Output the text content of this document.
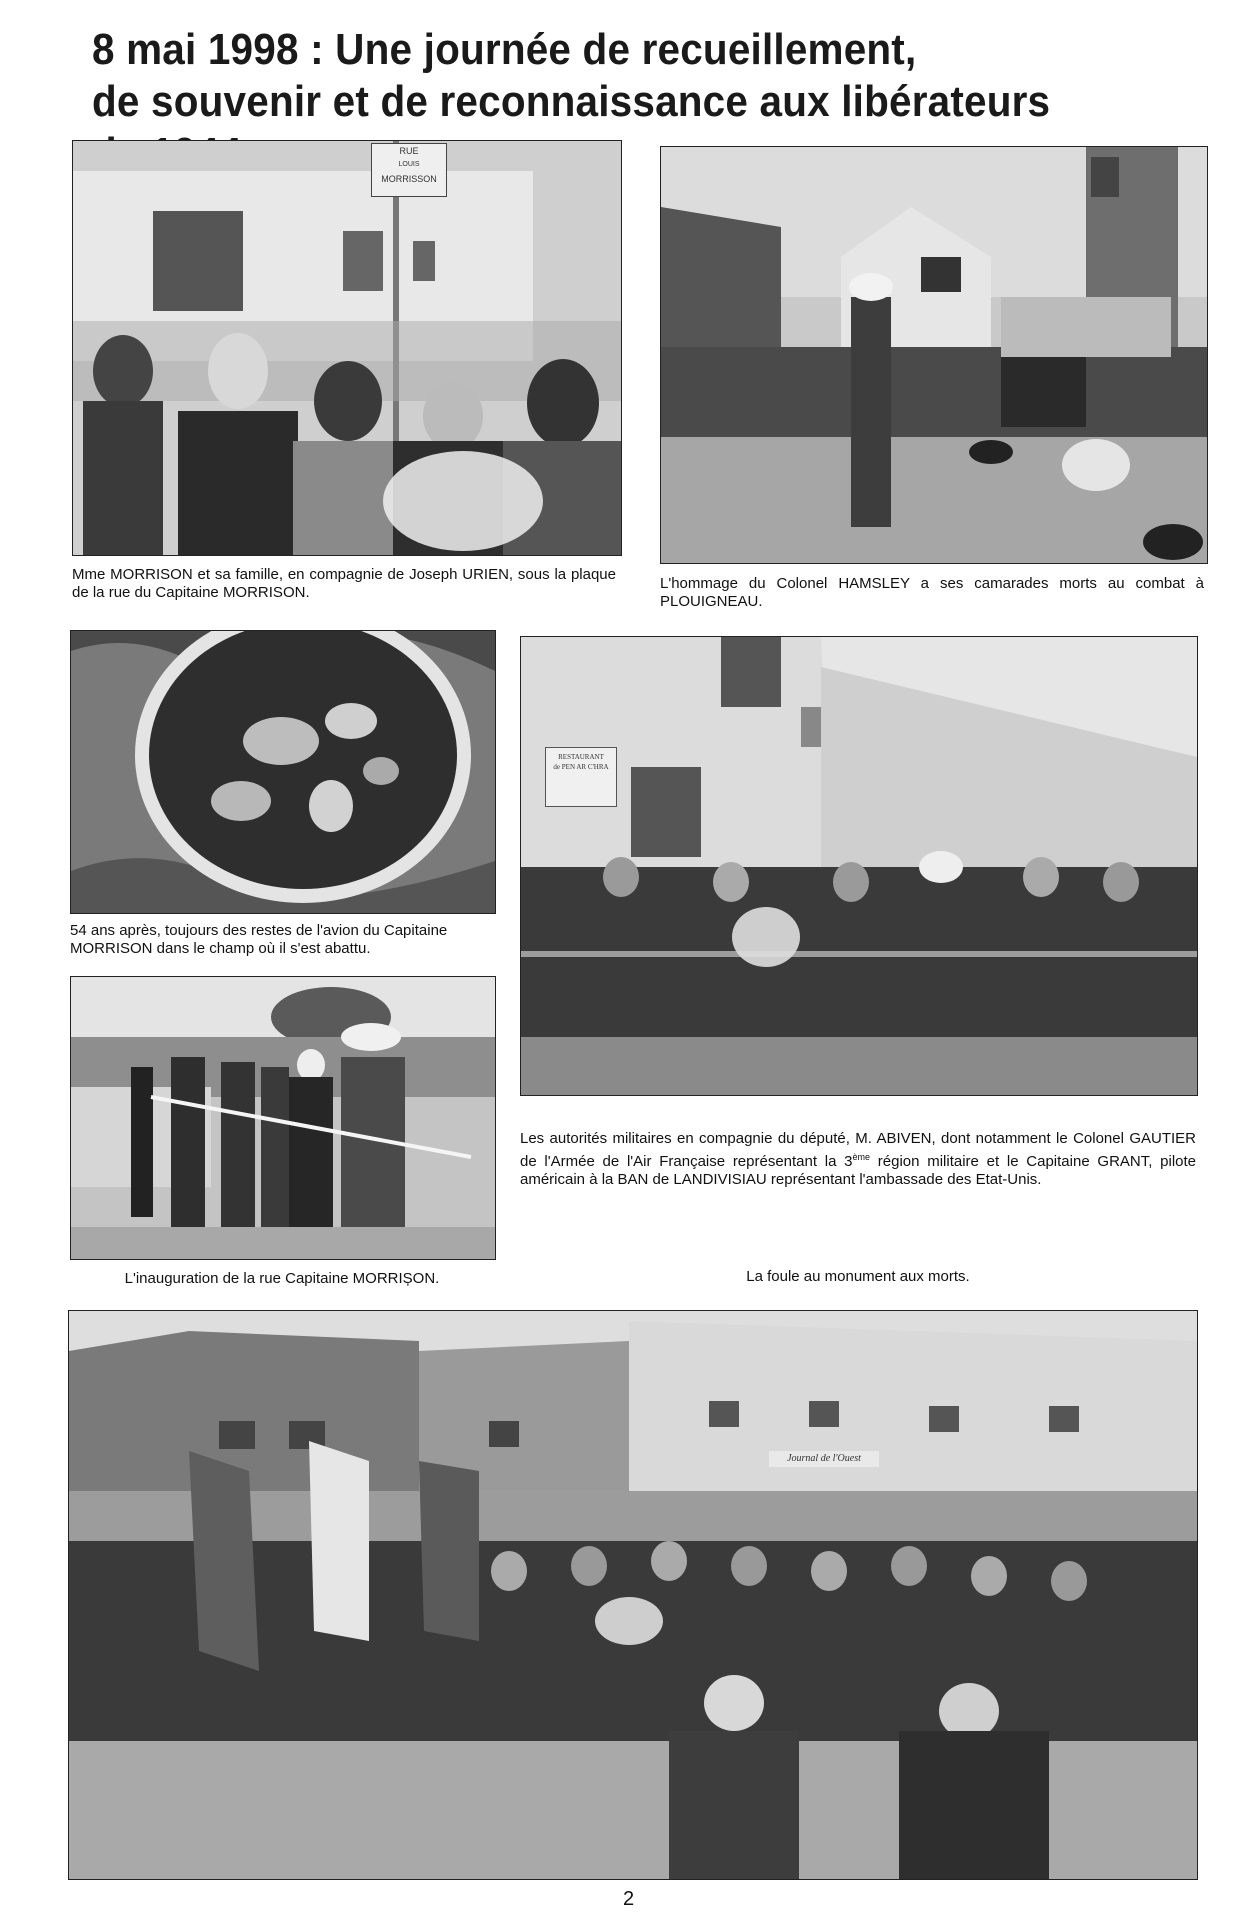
8 mai 1998 : Une journée de recueillement,
de souvenir et de reconnaissance aux libérateurs
RUE
LOUIS
MORRISSON
Mme MORRISON et sa famille, en compagnie de Joseph URIEN, sous la plaque de la rue du Capitaine MORRISON.
L'hommage du Colonel HAMSLEY a ses camarades morts au combat à PLOUIGNEAU.
54 ans après, toujours des restes de l'avion du Capitaine MORRISON dans le champ où il s'est abattu.
RESTAURANT
de PEN AR C'HRA
Les autorités militaires en compagnie du député, M. ABIVEN, dont notamment le Colonel GAUTIER de l'Armée de l'Air Française représentant la 3ème région militaire et le Capitaine GRANT, pilote américain à la BAN de LANDIVISIAU représentant l'ambassade des Etat-Unis.
L'inauguration de la rue Capitaine MORRIȘON.	La foule au monument aux morts.
Journal de l'Ouest
2
